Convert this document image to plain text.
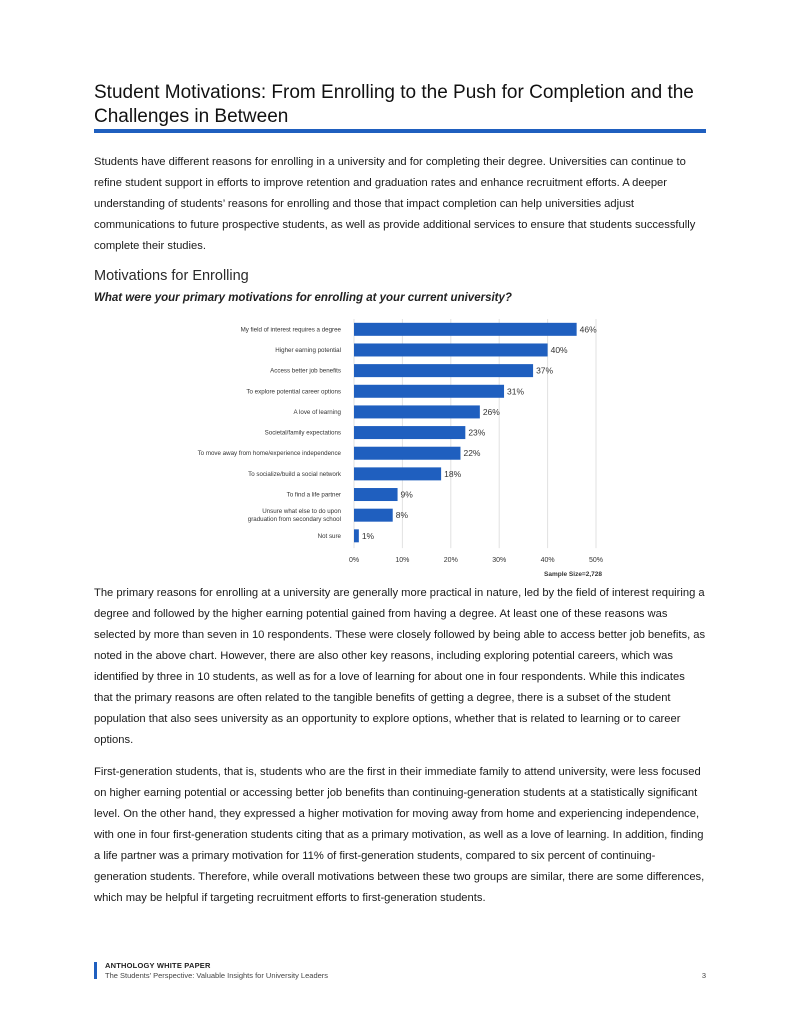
Student Motivations: From Enrolling to the Push for Completion and the Challenges in Between

Students have different reasons for enrolling in a university and for completing their degree. Universities can continue to refine student support in efforts to improve retention and graduation rates and enhance recruitment efforts. A deeper understanding of students’ reasons for enrolling and those that impact completion can help universities adjust communications to future prospective students, as well as provide additional services to ensure that students successfully complete their studies.

Motivations for Enrolling
What were your primary motivations for enrolling at your current university?
0%	10%	20%	30%	40%	50%
My field of interest requires a degree	46%
Higher earning potential	40%
Access better job benefits	37%
To explore potential career options	31%
A love of learning	26%
Societal/family expectations	23%
To move away from home/experience independence	22%
To socialize/build a social network	18%
To find a life partner	9%
Unsure what else to do upon graduation from secondary school	8%
Not sure 1%
Sample Size=2,728

The primary reasons for enrolling at a university are generally more practical in nature, led by the field of interest requiring a degree and followed by the higher earning potential gained from having a degree. At least one of these reasons was selected by more than seven in 10 respondents. These were closely followed by being able to access better job benefits, as noted in the above chart. However, there are also other key reasons, including exploring potential careers, which was identified by three in 10 students, as well as for a love of learning for about one in four respondents. While this indicates that the primary reasons are often related to the tangible benefits of getting a degree, there is a subset of the student population that also sees university as an opportunity to explore options, whether that is related to learning or to career options.

First-generation students, that is, students who are the first in their immediate family to attend university, were less focused on higher earning potential or accessing better job benefits than continuing-generation students at a statistically significant level. On the other hand, they expressed a higher motivation for moving away from home and experiencing independence, with one in four first-generation students citing that as a primary motivation, as well as a love of learning. In addition, finding a life partner was a primary motivation for 11% of first-generation students, compared to six percent of continuing-generation students. Therefore, while overall motivations between these two groups are similar, there are some differences, which may be helpful if targeting recruitment efforts to first-generation students.

ANTHOLOGY WHITE PAPER
The Students’ Perspective: Valuable Insights for University Leaders	3
